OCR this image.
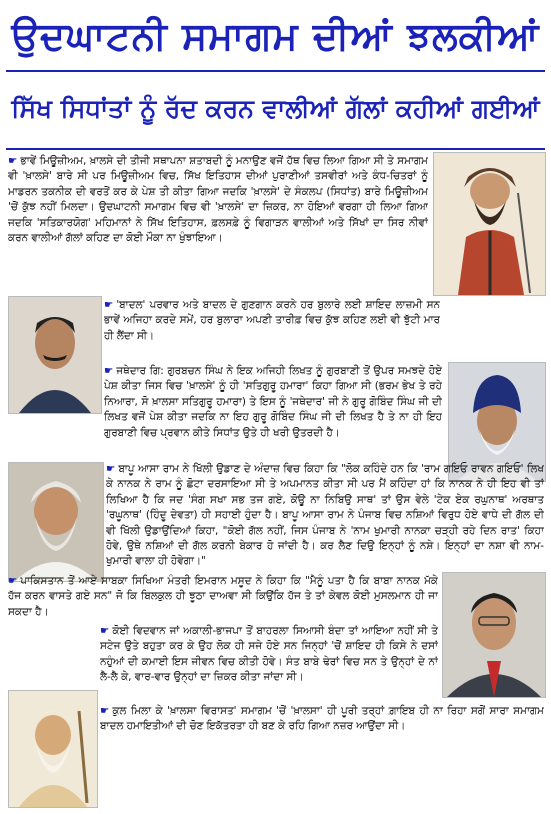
ਉਦਘਾਟਨੀ ਸਮਾਗਮ ਦੀਆਂ ਝਲਕੀਆਂ
ਸਿੱਖ ਸਿਧਾਂਤਾਂ ਨੂੰ ਰੱਦ ਕਰਨ ਵਾਲੀਆਂ ਗੱਲਾਂ ਕਹੀਆਂ ਗਈਆਂ
☛ ਭਾਵੇਂ ਮਿਊਜ਼ੀਅਮ, ਖ਼ਾਲਸੇ ਦੀ ਤੀਜੀ ਸਥਾਪਨਾ ਸ਼ਤਾਬਦੀ ਨੂੰ ਮਨਾਉਣ ਵਜੋਂ ਹੱਥ ਵਿਚ ਲਿਆ ਗਿਆ ਸੀ ਤੇ ਸਮਾਗਮ ਵੀ 'ਖ਼ਾਲਸੇ' ਬਾਰੇ ਸੀ ਪਰ ਮਿਊਜ਼ੀਅਮ ਵਿਚ, ਸਿੱਖ ਇਤਿਹਾਸ ਦੀਆਂ ਪੁਰਾਣੀਆਂ ਤਸਵੀਰਾਂ ਅਤੇ ਕੰਧ-ਚਿਤਰਾਂ ਨੂੰ ਮਾਡਰਨ ਤਕਨੀਕ ਦੀ ਵਰਤੋਂ ਕਰ ਕੇ ਪੇਸ਼ ਤੀ ਕੀਤਾ ਗਿਆ ਜਦਕਿ 'ਖ਼ਾਲਸੇ' ਦੇ ਸੰਕਲਪ (ਸਿਧਾਂਤ) ਬਾਰੇ ਮਿਊਜ਼ੀਅਮ 'ਚੋਂ ਕੁੱਝ ਨਹੀਂ ਮਿਲਦਾ। ਉਦਘਾਟਨੀ ਸਮਾਗਮ ਵਿਚ ਵੀ 'ਖ਼ਾਲਸੇ' ਦਾ ਜ਼ਿਕਰ, ਨਾ ਹੋਇਆਂ ਵਰਗਾ ਹੀ ਲਿਆ ਗਿਆ ਜਦਕਿ 'ਸਤਿਕਾਰਯੋਗ' ਮਹਿਮਾਨਾਂ ਨੇ ਸਿੱਖ ਇਤਿਹਾਸ, ਫ਼ਲਸਫ਼ੇ ਨੂੰ ਵਿਗਾੜਨ ਵਾਲੀਆਂ ਅਤੇ ਸਿੱਖਾਂ ਦਾ ਸਿਰ ਨੀਵਾਂ ਕਰਨ ਵਾਲੀਆਂ ਗੱਲਾਂ ਕਹਿਣ ਦਾ ਕੋਈ ਮੌਕਾ ਨਾ ਖੁੰਝਾਇਆ।
☛ 'ਬਾਦਲ' ਪਰਵਾਰ ਅਤੇ ਬਾਦਲ ਦੇ ਗੁਣਗਾਨ ਕਰਨੇ ਹਰ ਬੁਲਾਰੇ ਲਈ ਸ਼ਾਇਦ ਲਾਜ਼ਮੀ ਸਨ ਭਾਵੇਂ ਅਜਿਹਾ ਕਰਦੇ ਸਮੇਂ, ਹਰ ਬੁਲਾਰਾ ਅਪਣੀ ਤਾਰੀਫ਼ ਵਿਚ ਕੁੱਝ ਕਹਿਣ ਲਈ ਵੀ ਝੁੱਟੀ ਮਾਰ ਹੀ ਲੈਂਦਾ ਸੀ।
☛ ਜਥੇਦਾਰ ਗਿ: ਗੁਰਬਚਨ ਸਿੰਘ ਨੇ ਇਕ ਅਜਿਹੀ ਲਿਖਤ ਨੂੰ ਗੁਰਬਾਣੀ ਤੋਂ ਉਪਰ ਸਮਝਦੇ ਹੋਏ ਪੇਸ਼ ਕੀਤਾ ਜਿਸ ਵਿਚ 'ਖ਼ਾਲਸੇ' ਨੂੰ ਹੀ 'ਸਤਿਗੁਰੂ ਹਮਾਰਾ' ਕਿਹਾ ਗਿਆ ਸੀ (ਭਰਮ ਭੇਖ ਤੇ ਰਹੇ ਨਿਆਰਾ, ਸੋ ਖ਼ਾਲਸਾ ਸਤਿਗੁਰੂ ਹਮਾਰਾ) ਤੇ ਇਸ ਨੂੰ 'ਜਥੇਦਾਰ' ਜੀ ਨੇ ਗੁਰੂ ਗੋਬਿੰਦ ਸਿੰਘ ਜੀ ਦੀ ਲਿਖਤ ਵਜੋਂ ਪੇਸ਼ ਕੀਤਾ ਜਦਕਿ ਨਾ ਇਹ ਗੁਰੂ ਗੋਬਿੰਦ ਸਿੰਘ ਜੀ ਦੀ ਲਿਖਤ ਹੈ ਤੇ ਨਾ ਹੀ ਇਹ ਗੁਰਬਾਣੀ ਵਿਚ ਪ੍ਰਵਾਨ ਕੀਤੇ ਸਿਧਾਂਤ ਉਤੇ ਹੀ ਖਰੀ ਉਤਰਦੀ ਹੈ।
☛ ਬਾਪੂ ਆਸਾ ਰਾਮ ਨੇ ਖਿੱਲੀ ਉਡਾਣ ਦੇ ਅੰਦਾਜ਼ ਵਿਚ ਕਿਹਾ ਕਿ "ਲੋਕ ਕਹਿੰਦੇ ਹਨ ਕਿ 'ਰਾਮ ਗਇਓ ਰਾਵਨ ਗਇਓ' ਲਿਖ ਕੇ ਨਾਨਕ ਨੇ ਰਾਮ ਨੂੰ ਛੋਟਾ ਦਰਸਾਇਆ ਸੀ ਤੇ ਅਪਮਾਨਤ ਕੀਤਾ ਸੀ ਪਰ ਮੈਂ ਕਹਿੰਦਾ ਹਾਂ ਕਿ ਨਾਨਕ ਨੇ ਹੀ ਇਹ ਵੀ ਤਾਂ ਲਿਖਿਆ ਹੈ ਕਿ ਜਦ 'ਸੰਗ ਸਖਾ ਸਭ ਤਜ ਗਏ, ਕੋਊ ਨਾ ਨਿਬਿਉ ਸਾਥ' ਤਾਂ ਉਸ ਵੇਲੇ 'ਟੇਕ ਏਕ ਰਘੁਨਾਥ' ਅਰਥਾਤ 'ਰਘੂਨਾਥ' (ਹਿੰਦੂ ਦੇਵਤਾ) ਹੀ ਸਹਾਈ ਹੁੰਦਾ ਹੈ। ਬਾਪੂ ਆਸਾ ਰਾਮ ਨੇ ਪੰਜਾਬ ਵਿਚ ਨਸ਼ਿਆਂ ਵਿਰੁਧ ਹੋਏ ਵਾਧੇ ਦੀ ਗੱਲ ਦੀ ਵੀ ਖਿੱਲੀ ਉਡਾਉਂਦਿਆਂ ਕਿਹਾ, "ਕੋਈ ਗੱਲ ਨਹੀਂ, ਜਿਸ ਪੰਜਾਬ ਨੇ 'ਨਾਮ ਖੁਮਾਰੀ ਨਾਨਕਾ ਚੜ੍ਹੀ ਰਹੇ ਦਿਨ ਰਾਤ' ਕਿਹਾ ਹੋਵੇ, ਉਥੇ ਨਸ਼ਿਆਂ ਦੀ ਗੱਲ ਕਰਨੀ ਬੇਕਾਰ ਹੋ ਜਾਂਦੀ ਹੈ। ਕਰ ਲੈਣ ਦਿਉ ਇਨ੍ਹਾਂ ਨੂੰ ਨਸ਼ੇ। ਇਨ੍ਹਾਂ ਦਾ ਨਸ਼ਾ ਵੀ ਨਾਮ-ਖੁਮਾਰੀ ਵਾਲਾ ਹੀ ਹੋਵੇਗਾ।"
☛ ਪਾਕਿਸਤਾਨ ਤੋਂ ਆਏ ਸਾਬਕਾ ਸਿਖਿਆ ਮੰਤਰੀ ਇਮਰਾਨ ਮਸੂਦ ਨੇ ਕਿਹਾ ਕਿ "ਮੈਨੂੰ ਪਤਾ ਹੈ ਕਿ ਬਾਬਾ ਨਾਨਕ ਮੱਕੇ ਹੱਜ ਕਰਨ ਵਾਸਤੇ ਗਏ ਸਨ" ਜੋ ਕਿ ਬਿਲਕੁਲ ਹੀ ਝੂਠਾ ਦਾਅਵਾ ਸੀ ਕਿਉਂਕਿ ਹੱਜ ਤੇ ਤਾਂ ਕੇਵਲ ਕੋਈ ਮੁਸਲਮਾਨ ਹੀ ਜਾ ਸਕਦਾ ਹੈ।
☛ ਕੋਈ ਵਿਦਵਾਨ ਜਾਂ ਅਕਾਲੀ-ਭਾਜਪਾ ਤੋਂ ਬਾਹਰਲਾ ਸਿਆਸੀ ਬੰਦਾ ਤਾਂ ਆਇਆ ਨਹੀਂ ਸੀ ਤੇ ਸਟੇਜ ਉਤੇ ਬਹੁਤਾ ਕਰ ਕੇ ਉਹ ਲੋਕ ਹੀ ਸਜੇ ਹੋਏ ਸਨ ਜਿਨ੍ਹਾਂ 'ਚੋਂ ਸ਼ਾਇਦ ਹੀ ਕਿਸੇ ਨੇ ਦਸਾਂ ਨਹੁੰਆਂ ਦੀ ਕਮਾਈ ਇਸ ਜੀਵਨ ਵਿਚ ਕੀਤੀ ਹੋਵੇ। ਸੰਤ ਬਾਬੇ ਢੇਰਾਂ ਵਿਚ ਸਨ ਤੇ ਉਨ੍ਹਾਂ ਦੇ ਨਾਂ ਲੈ-ਲੈ ਕੇ, ਵਾਰ-ਵਾਰ ਉਨ੍ਹਾਂ ਦਾ ਜ਼ਿਕਰ ਕੀਤਾ ਜਾਂਦਾ ਸੀ।
☛ ਕੁਲ ਮਿਲਾ ਕੇ 'ਖ਼ਾਲਸਾ ਵਿਰਾਸਤ' ਸਮਾਗਮ 'ਚੋਂ 'ਖ਼ਾਲਸਾ' ਹੀ ਪੂਰੀ ਤਰ੍ਹਾਂ ਗ਼ਾਇਬ ਹੀ ਨਾ ਰਿਹਾ ਸਗੋਂ ਸਾਰਾ ਸਮਾਗਮ ਬਾਦਲ ਹਮਾਇਤੀਆਂ ਦੀ ਚੋਣ ਇਕੱਤਰਤਾ ਹੀ ਬਣ ਕੇ ਰਹਿ ਗਿਆ ਨਜ਼ਰ ਆਉਂਦਾ ਸੀ।
